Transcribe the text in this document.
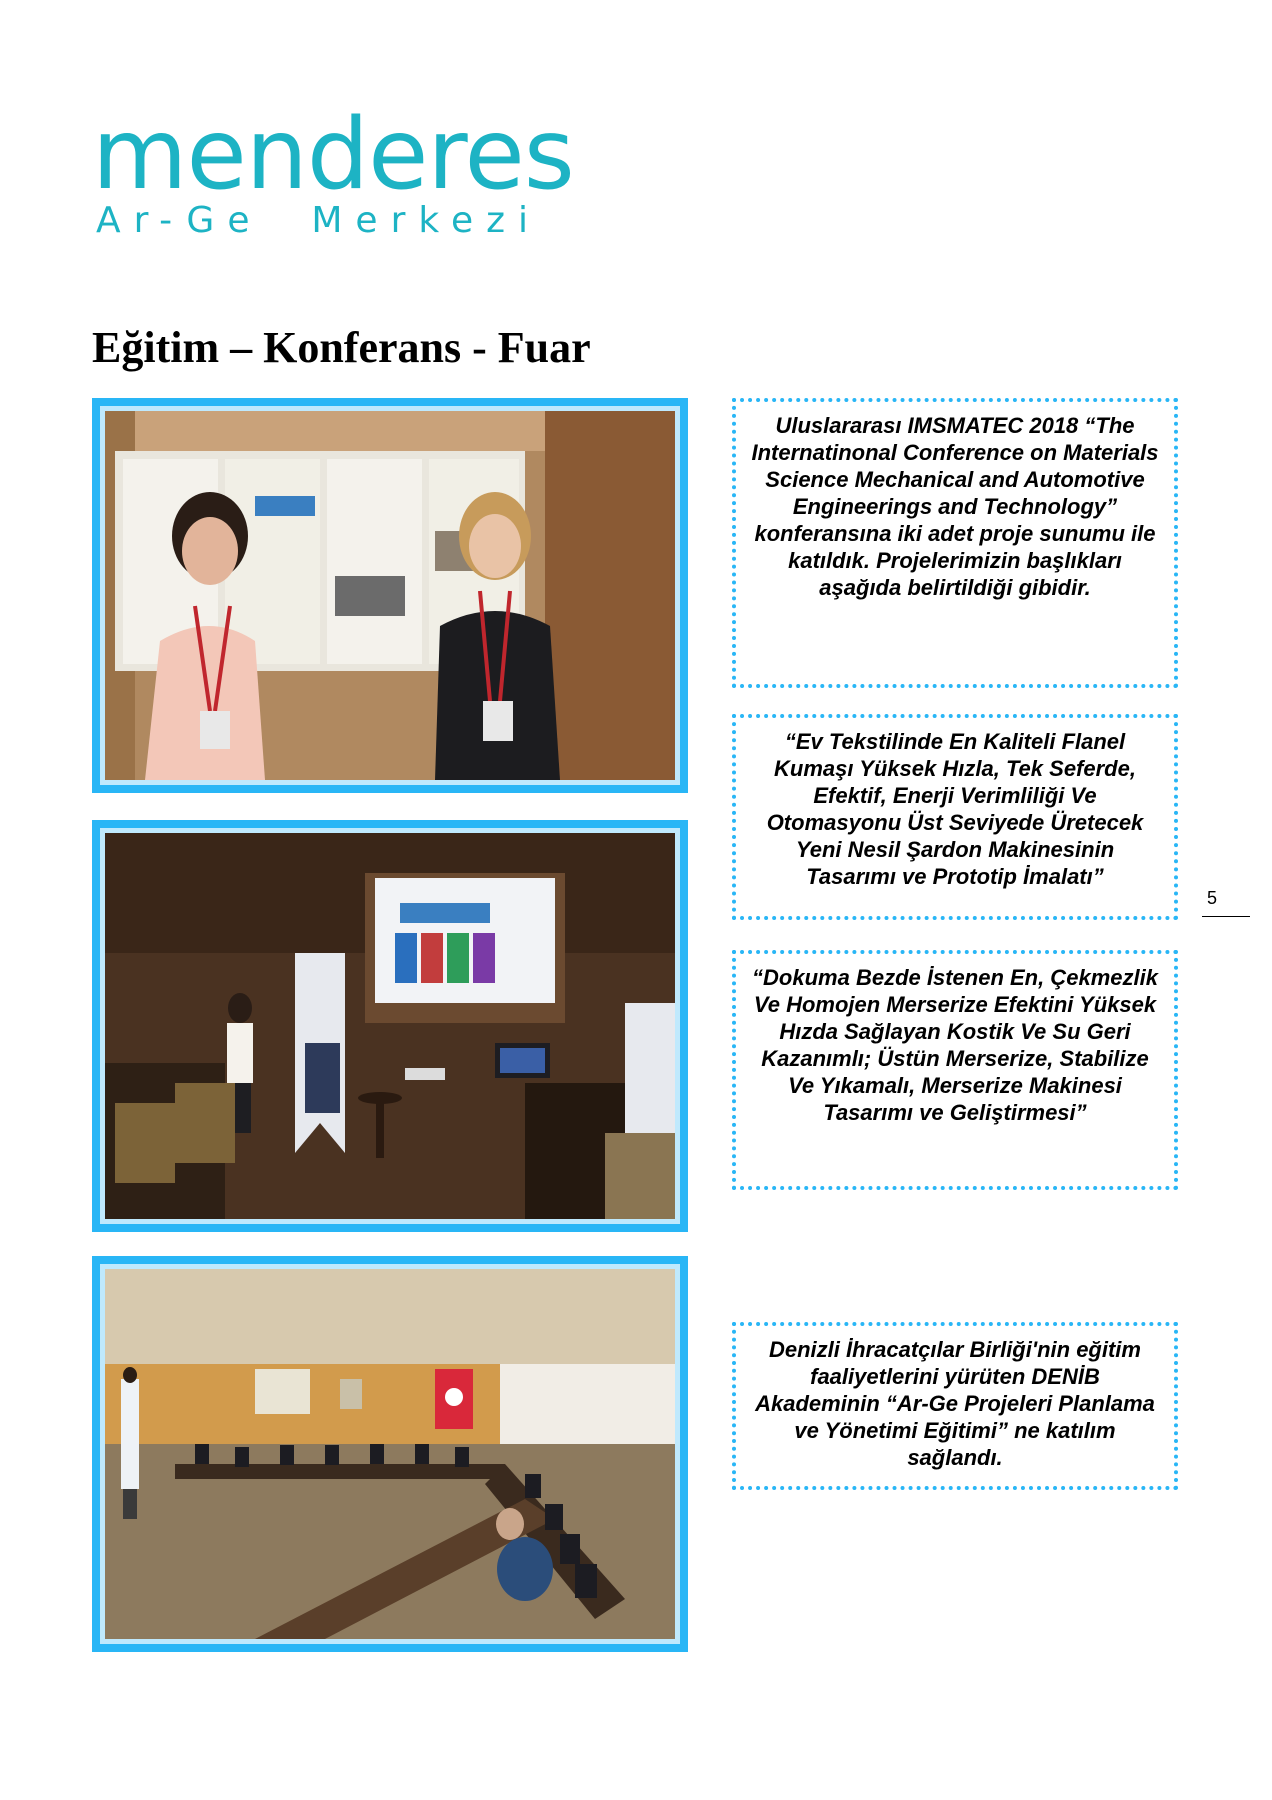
menderes
Ar-Ge  Merkezi
Eğitim – Konferans - Fuar

Uluslararası IMSMATEC 2018 “The Internatinonal Conference on Materials Science Mechanical and Automotive Engineerings and Technology” konferansına iki adet proje sunumu ile katıldık. Projelerimizin başlıkları aşağıda belirtildiği gibidir.

“Ev Tekstilinde En Kaliteli Flanel Kumaşı Yüksek Hızla, Tek Seferde, Efektif, Enerji Verimliliği Ve Otomasyonu Üst Seviyede Üretecek Yeni Nesil Şardon Makinesinin Tasarımı ve Prototip İmalatı”

“Dokuma Bezde İstenen En, Çekmezlik Ve Homojen Merserize Efektini Yüksek Hızda Sağlayan Kostik Ve Su Geri Kazanımlı; Üstün Merserize, Stabilize Ve Yıkamalı, Merserize Makinesi Tasarımı ve Geliştirmesi”

Denizli İhracatçılar Birliği'nin eğitim faaliyetlerini yürüten DENİB Akademinin “Ar-Ge Projeleri Planlama ve Yönetimi Eğitimi” ne katılım sağlandı.

5
